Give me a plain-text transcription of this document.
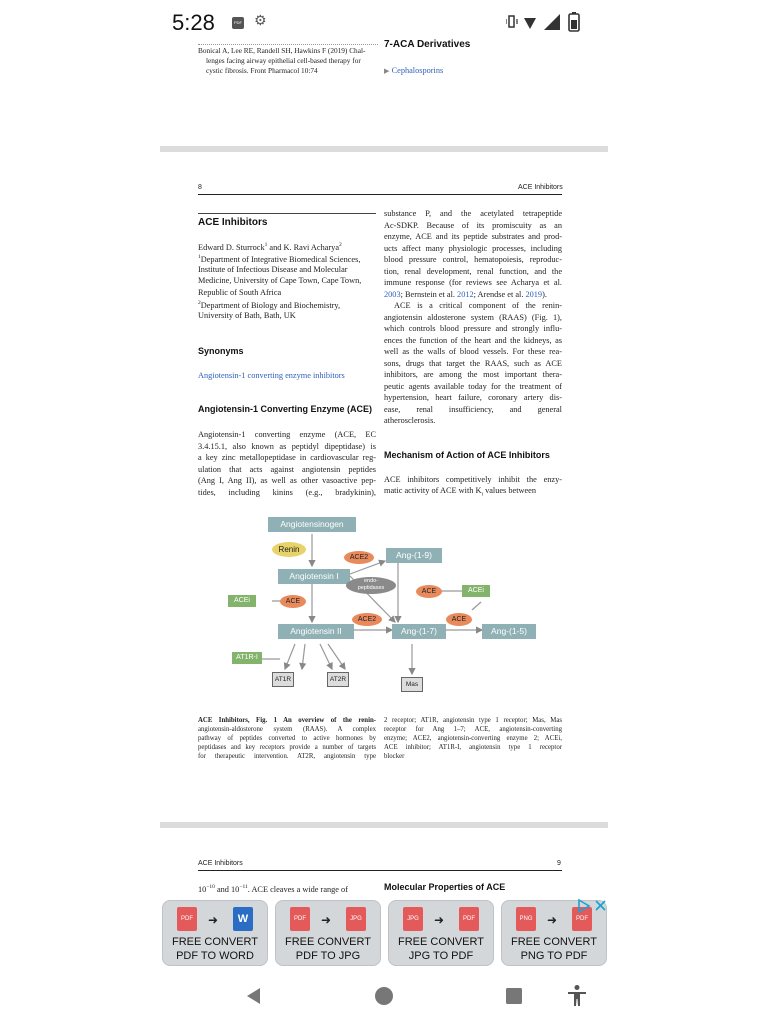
5:28	PDF ⚙
Bonical A, Lee RE, Randell SH, Hawkins F (2019) Chal-
lenges facing airway epithelial cell-based therapy for
cystic fibrosis. Front Pharmacol 10:74
7-ACA Derivatives
▶ Cephalosporins
8	ACE Inhibitors
ACE Inhibitors
Edward D. Sturrock$^1$ and K. Ravi Acharya$^2$
$^1$Department of Integrative Biomedical Sciences,
Institute of Infectious Disease and Molecular
Medicine, University of Cape Town, Cape Town,
Republic of South Africa
$^2$Department of Biology and Biochemistry,
University of Bath, Bath, UK
Synonyms
Angiotensin-1 converting enzyme inhibitors
Angiotensin-1 Converting Enzyme (ACE)
Angiotensin-1 converting enzyme (ACE, EC
3.4.15.1, also known as peptidyl dipeptidase) is
a key zinc metallopeptidase in cardiovascular reg-
ulation that acts against angiotensin peptides
(Ang I, Ang II), as well as other vasoactive pep-
tides, including kinins (e.g., bradykinin),
substance P, and the acetylated tetrapeptide
Ac-SDKP. Because of its promiscuity as an
enzyme, ACE and its peptide substrates and prod-
ucts affect many physiologic processes, including
blood pressure control, hematopoiesis, reproduc-
tion, renal development, renal function, and the
immune response (for reviews see Acharya et al.
2003; Bernstein et al. 2012; Arendse et al. 2019).
ACE is a critical component of the renin-
angiotensin aldosterone system (RAAS) (Fig. 1),
which controls blood pressure and strongly influ-
ences the function of the heart and the kidneys, as
well as the walls of blood vessels. For these rea-
sons, drugs that target the RAAS, such as ACE
inhibitors, are among the most important thera-
peutic agents available today for the treatment of
hypertension, heart failure, coronary artery dis-
ease, renal insufficiency, and general
atherosclerosis.
Mechanism of Action of ACE Inhibitors
ACE inhibitors competitively inhibit the enzy-
matic activity of ACE with $K_i$ values between
Angiotensinogen
Renin
ACE2	Ang-(1-9)
Angiotensin I	endo-
peptidases	ACE	ACEi
ACEi	ACE
ACE2	ACE
Angiotensin II	Ang-(1-7)	Ang-(1-5)
AT1R-I
AT1R	AT2R
Mas
ACE Inhibitors, Fig. 1 An overview of the renin-
angiotensin-aldosterone system (RAAS). A complex
pathway of peptides converted to active hormones by
peptidases and key receptors provide a number of targets
for therapeutic intervention. AT2R, angiotensin type
2 receptor; AT1R, angiotensin type 1 receptor; Mas, Mas
receptor for Ang 1–7; ACE, angiotensin-converting
enzyme; ACE2, angiotensin-converting enzyme 2; ACEi,
ACE inhibitor; AT1R-I, angiotensin type 1 receptor
blocker
ACE Inhibitors	9
$10^{-10}$ and $10^{-11}$. ACE cleaves a wide range of	Molecular Properties of ACE
PDF	➜	W
FREE CONVERT
PDF TO WORD
PDF	➜	JPG
FREE CONVERT
PDF TO JPG
JPG	➜	PDF
FREE CONVERT
JPG TO PDF
PNG ➜	PDF
FREE CONVERT
PNG TO PDF
